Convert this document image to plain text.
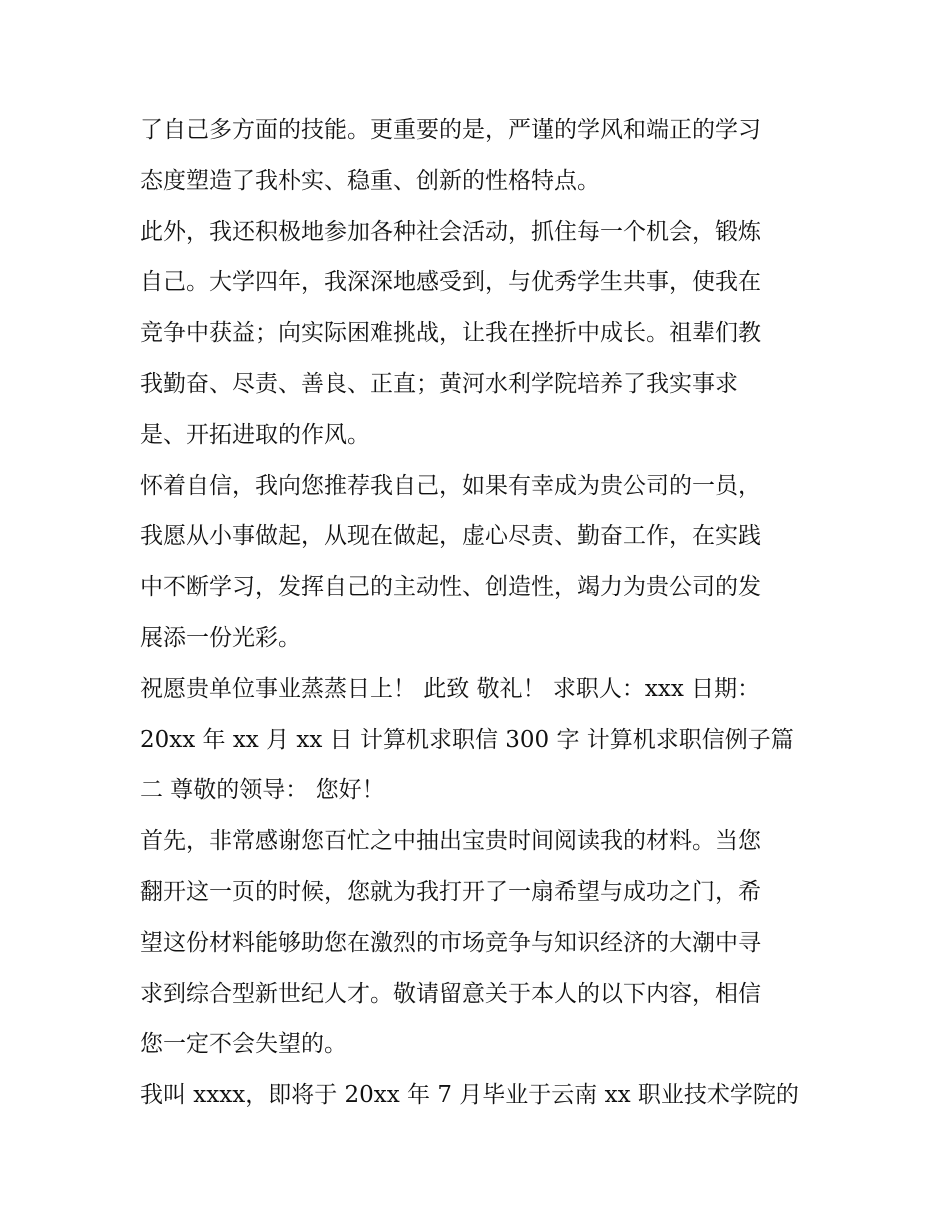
了自己多方面的技能。更重要的是，严谨的学风和端正的学习
态度塑造了我朴实、稳重、创新的性格特点。
此外，我还积极地参加各种社会活动，抓住每一个机会，锻炼
自己。大学四年，我深深地感受到，与优秀学生共事，使我在
竞争中获益；向实际困难挑战，让我在挫折中成长。祖辈们教
我勤奋、尽责、善良、正直；黄河水利学院培养了我实事求
是、开拓进取的作风。
怀着自信，我向您推荐我自己，如果有幸成为贵公司的一员，
我愿从小事做起，从现在做起，虚心尽责、勤奋工作，在实践
中不断学习，发挥自己的主动性、创造性，竭力为贵公司的发
展添一份光彩。
祝愿贵单位事业蒸蒸日上！ 此致 敬礼！ 求职人：xxx 日期：
20xx 年 xx 月 xx 日 计算机求职信 300 字 计算机求职信例子篇
二 尊敬的领导： 您好！
首先，非常感谢您百忙之中抽出宝贵时间阅读我的材料。当您
翻开这一页的时候，您就为我打开了一扇希望与成功之门，希
望这份材料能够助您在激烈的市场竞争与知识经济的大潮中寻
求到综合型新世纪人才。敬请留意关于本人的以下内容，相信
您一定不会失望的。
我叫 xxxx，即将于 20xx 年 7 月毕业于云南 xx 职业技术学院的
